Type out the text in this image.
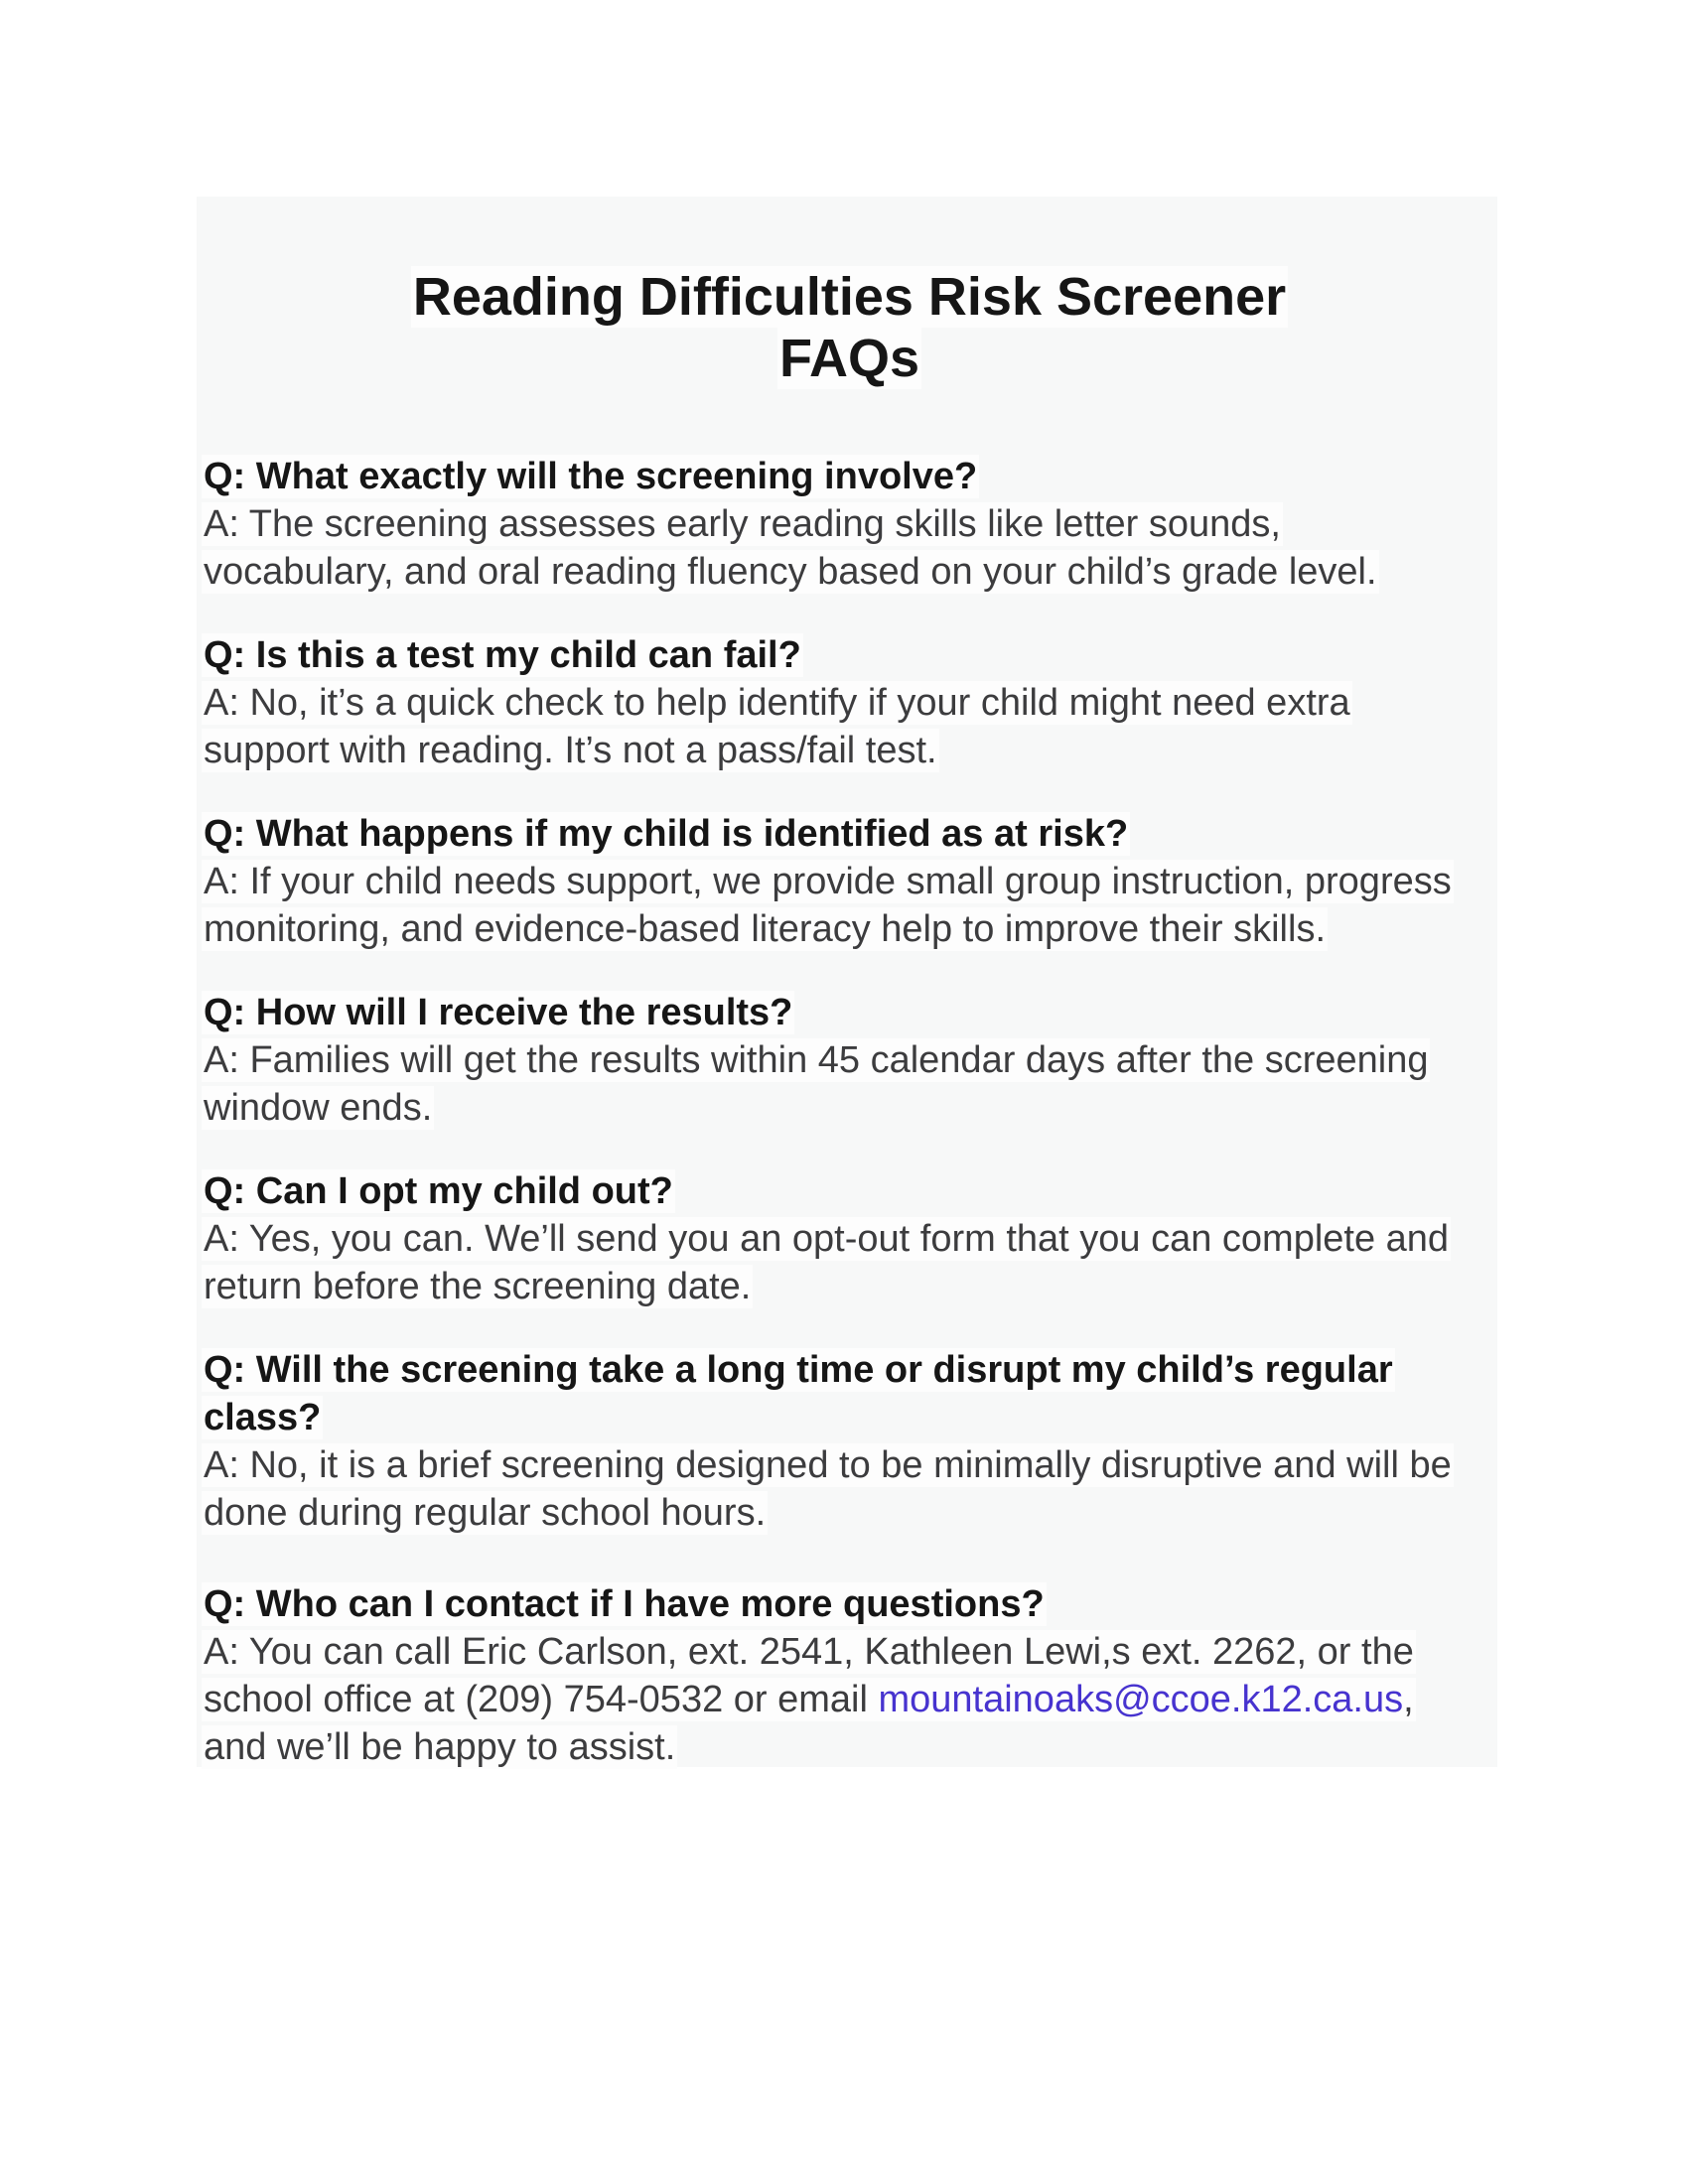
Reading Difficulties Risk Screener
FAQs
Q: What exactly will the screening involve?
A: The screening assesses early reading skills like letter sounds,
vocabulary, and oral reading fluency based on your child’s grade level.
Q: Is this a test my child can fail?
A: No, it’s a quick check to help identify if your child might need extra
support with reading. It’s not a pass/fail test.
Q: What happens if my child is identified as at risk?
A: If your child needs support, we provide small group instruction, progress
monitoring, and evidence-based literacy help to improve their skills.
Q: How will I receive the results?
A: Families will get the results within 45 calendar days after the screening
window ends.
Q: Can I opt my child out?
A: Yes, you can. We’ll send you an opt-out form that you can complete and
return before the screening date.
Q: Will the screening take a long time or disrupt my child’s regular
class?
A: No, it is a brief screening designed to be minimally disruptive and will be
done during regular school hours.
Q: Who can I contact if I have more questions?
A: You can call Eric Carlson, ext. 2541, Kathleen Lewi,s ext. 2262, or the
school office at (209) 754-0532 or email mountainoaks@ccoe.k12.ca.us,
and we’ll be happy to assist.
